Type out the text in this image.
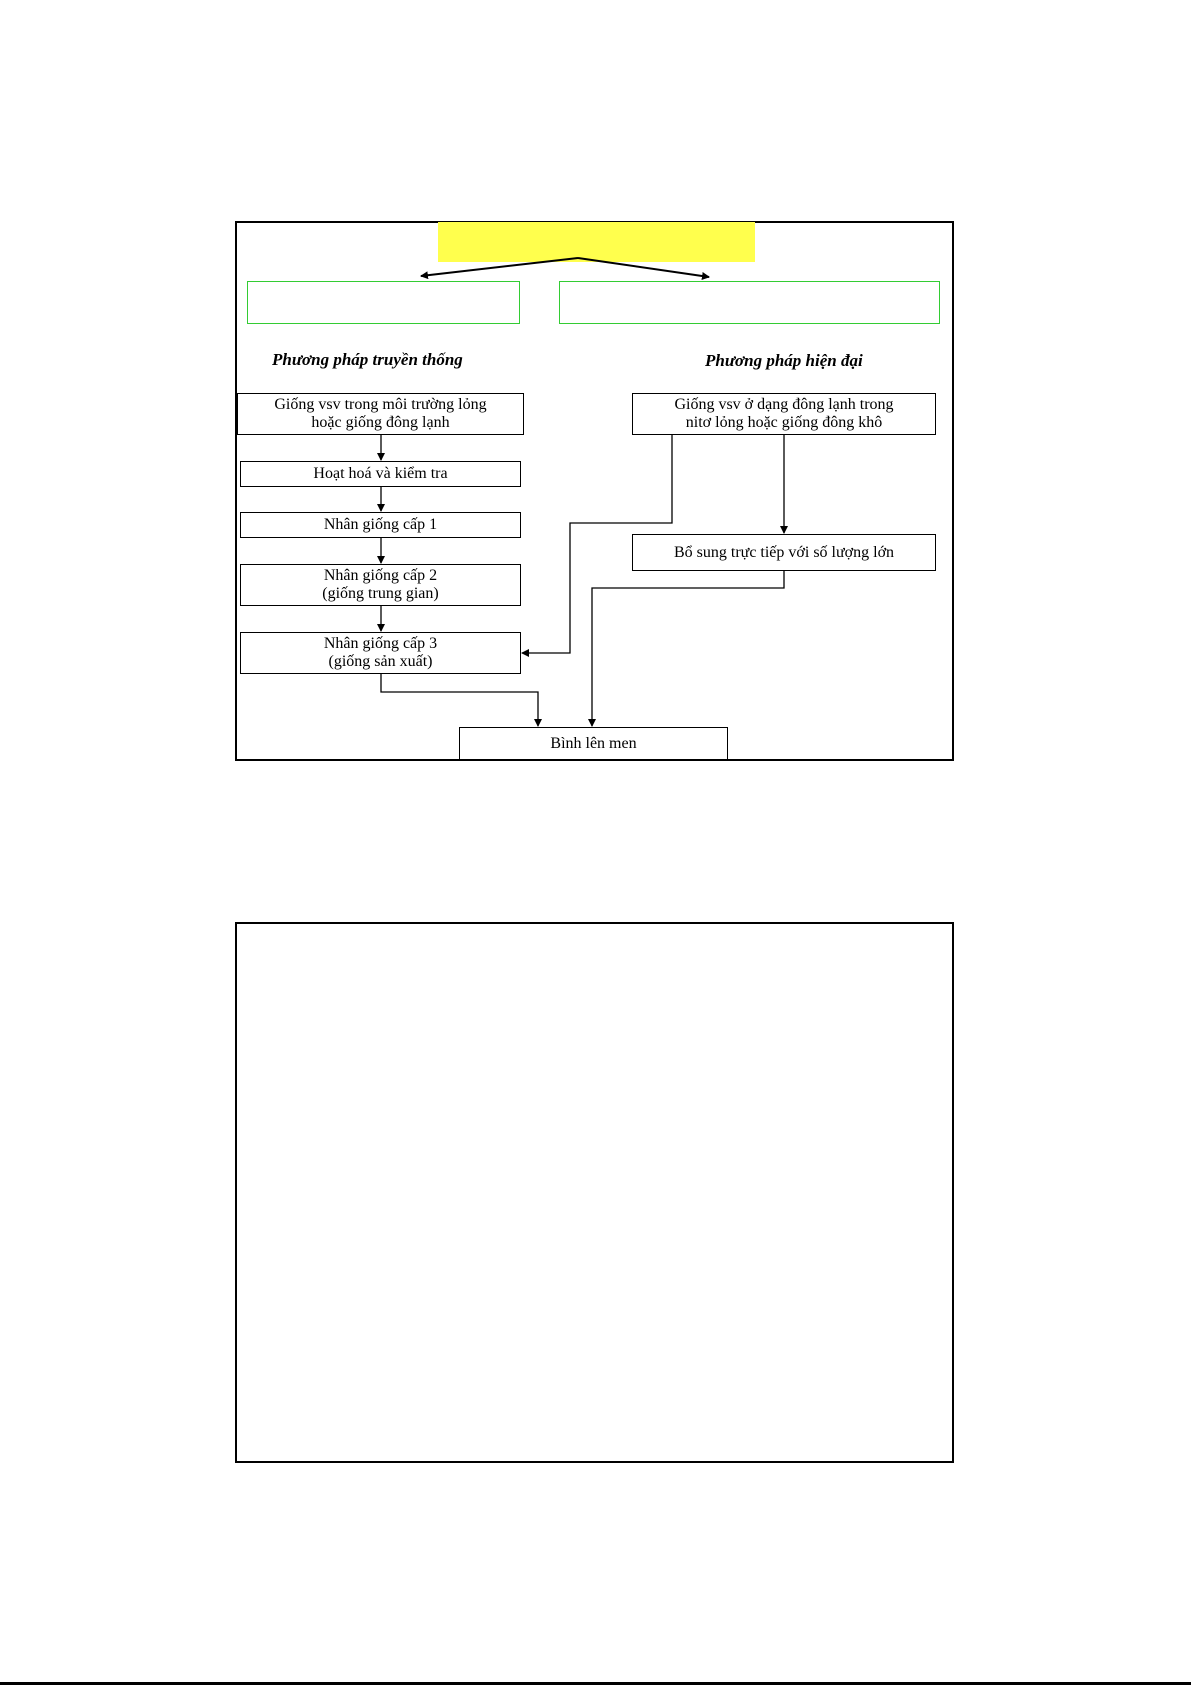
Phương pháp truyền thống	Phương pháp hiện đại
Giống vsv trong môi trường lỏng
hoặc giống đông lạnh
Hoạt hoá và kiểm tra
Nhân giống cấp 1
Nhân giống cấp 2
(giống trung gian)
Nhân giống cấp 3
(giống sản xuất)
Giống vsv ở dạng đông lạnh trong
nitơ lỏng hoặc giống đông khô
Bổ sung trực tiếp với số lượng lớn
Bình lên men
